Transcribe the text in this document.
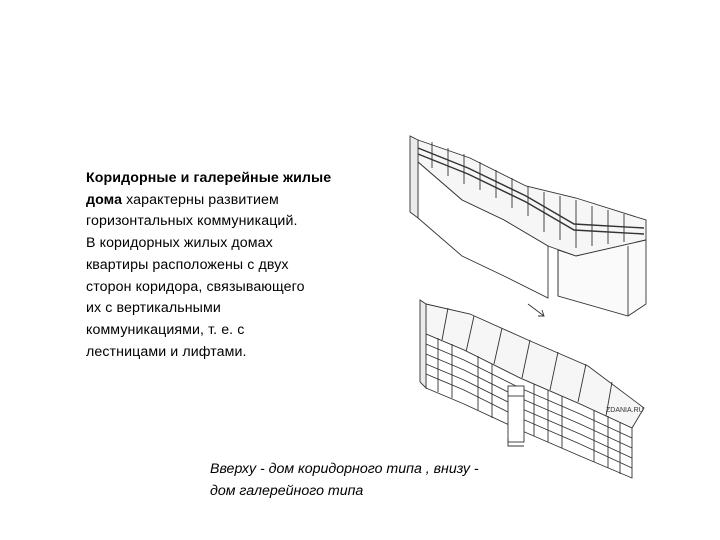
Коридорные и галерейные жилые
дома характерны развитием
горизонтальных коммуникаций.
В коридорных жилых домах
квартиры расположены с двух
сторон коридора, связывающего
их с вертикальными
коммуникациями, т. е. с
лестницами и лифтами.
ZDANIA.RU
Вверху - дом коридорного типа , внизу -
дом галерейного типа
